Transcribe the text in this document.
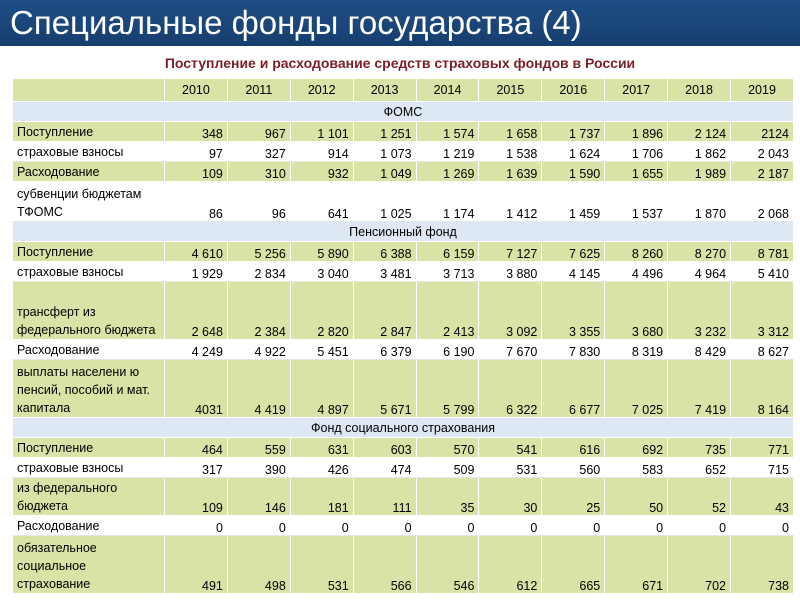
Специальные фонды государства (4)
Поступление и расходование средств страховых фондов в России
	2010	2011	2012	2013	2014	2015	2016	2017	2018	2019
ФОМС										
Поступление	348	967	1 101	1 251	1 574	1 658	1 737	1 896	2 124	2124
страховые взносы	97	327	914	1 073	1 219	1 538	1 624	1 706	1 862	2 043
Расходование	109	310	932	1 049	1 269	1 639	1 590	1 655	1 989	2 187
субвенции бюджетам ТФОМС	86	96	641	1 025	1 174	1 412	1 459	1 537	1 870	2 068
Пенсионный фонд										
Поступление	4 610	5 256	5 890	6 388	6 159	7 127	7 625	8 260	8 270	8 781
страховые взносы	1 929	2 834	3 040	3 481	3 713	3 880	4 145	4 496	4 964	5 410
трансферт из федерального бюджета	2 648	2 384	2 820	2 847	2 413	3 092	3 355	3 680	3 232	3 312
Расходование	4 249	4 922	5 451	6 379	6 190	7 670	7 830	8 319	8 429	8 627
выплаты населени ю пенсий, пособий и мат. капитала	4031	4 419	4 897	5 671	5 799	6 322	6 677	7 025	7 419	8 164
Фонд социального страхования										
Поступление	464	559	631	603	570	541	616	692	735	771
страховые взносы	317	390	426	474	509	531	560	583	652	715
из федерального бюджета	109	146	181	111	35	30	25	50	52	43
Расходование	0	0	0	0	0	0	0	0	0	0
обязательное социальное страхование	491	498	531	566	546	612	665	671	702	738
